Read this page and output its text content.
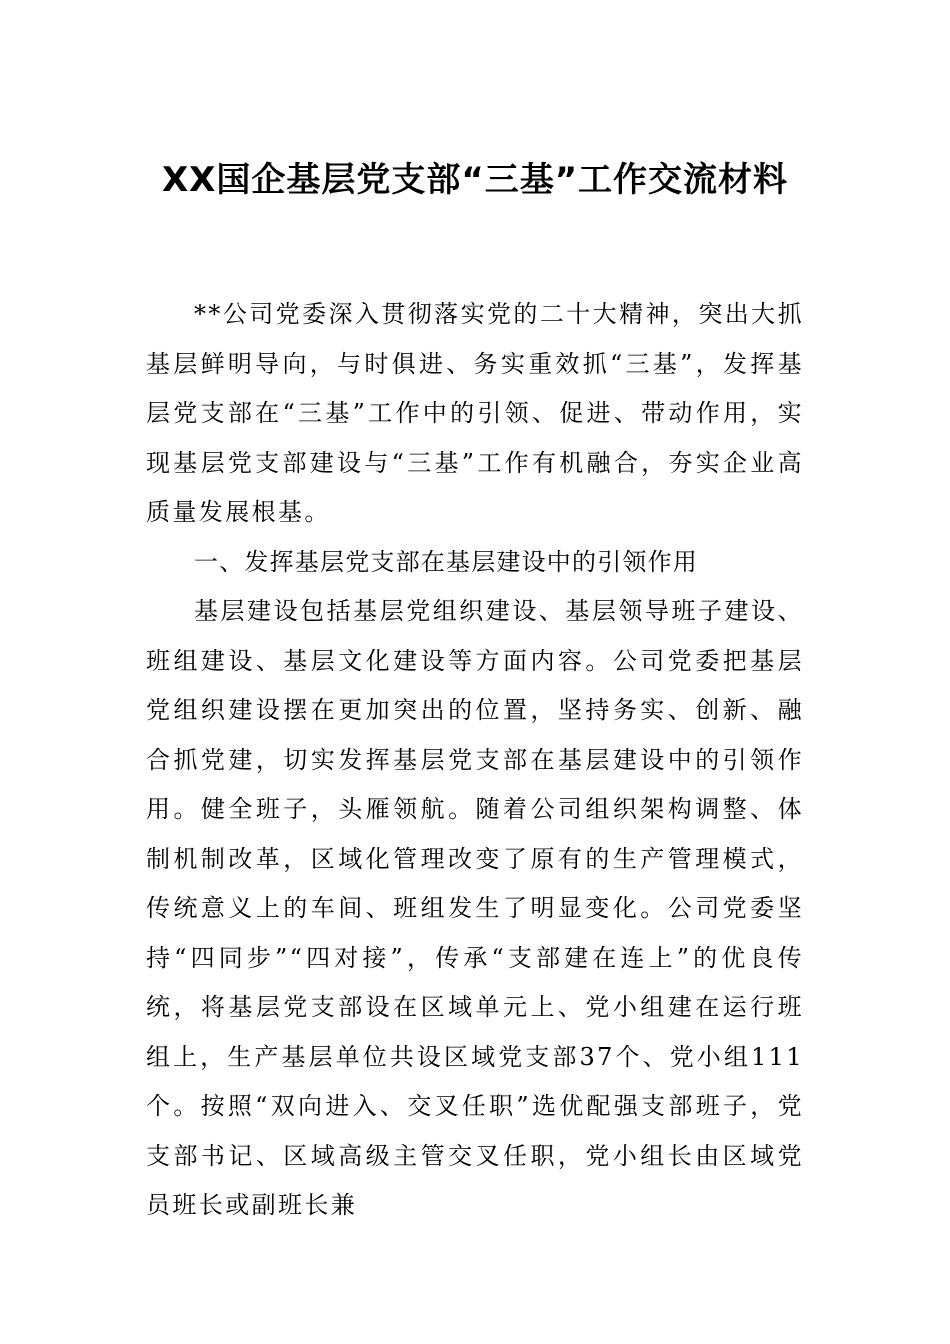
XX国企基层党支部“三基”工作交流材料

**公司党委深入贯彻落实党的二十大精神，突出大抓基层鲜明导向，与时俱进、务实重效抓“三基”，发挥基层党支部在“三基”工作中的引领、促进、带动作用，实现基层党支部建设与“三基”工作有机融合，夯实企业高质量发展根基。

一、发挥基层党支部在基层建设中的引领作用

基层建设包括基层党组织建设、基层领导班子建设、班组建设、基层文化建设等方面内容。公司党委把基层党组织建设摆在更加突出的位置，坚持务实、创新、融合抓党建，切实发挥基层党支部在基层建设中的引领作用。健全班子，头雁领航。随着公司组织架构调整、体制机制改革，区域化管理改变了原有的生产管理模式，传统意义上的车间、班组发生了明显变化。公司党委坚持“四同步”“四对接”，传承“支部建在连上”的优良传统，将基层党支部设在区域单元上、党小组建在运行班组上，生产基层单位共设区域党支部37个、党小组111个。按照“双向进入、交叉任职”选优配强支部班子，党支部书记、区域高级主管交叉任职，党小组长由区域党员班长或副班长兼
